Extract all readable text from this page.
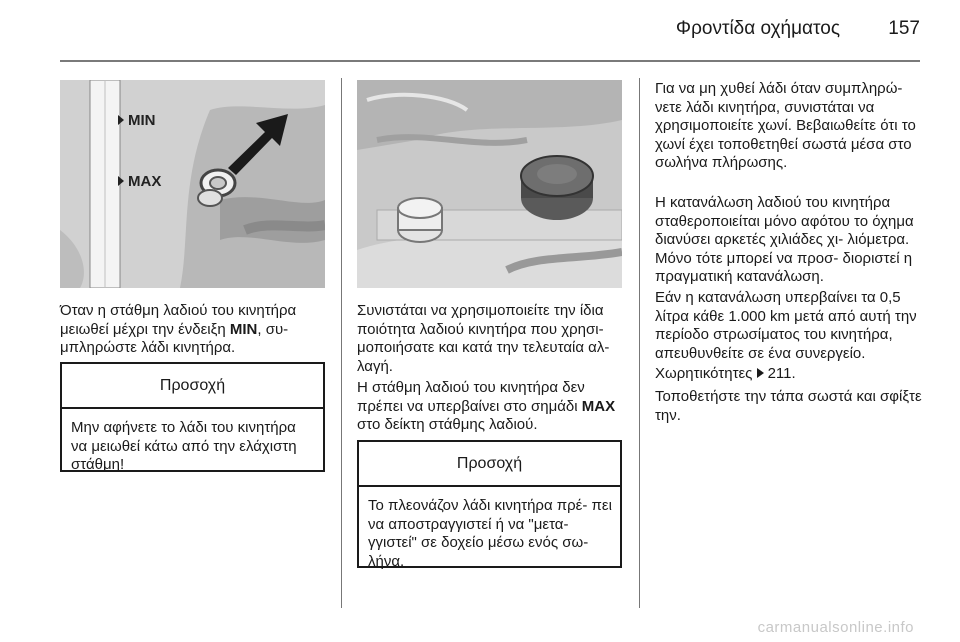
Φροντίδα οχήματος	157
MIN
MAX

Όταν η στάθμη λαδιού του κινητήρα μειωθεί μέχρι την ένδειξη MIN, συ‑ μπληρώστε λάδι κινητήρα.

Προσοχή
Μην αφήνετε το λάδι του κινητήρα να μειωθεί κάτω από την ελάχιστη στάθμη!

Συνιστάται να χρησιμοποιείτε την ίδια ποιότητα λαδιού κινητήρα που χρησι‑ μοποιήσατε και κατά την τελευταία αλ‑ λαγή.

Η στάθμη λαδιού του κινητήρα δεν πρέπει να υπερβαίνει στο σημάδι MAX στο δείκτη στάθμης λαδιού.

Προσοχή
Το πλεονάζον λάδι κινητήρα πρέ‑ πει να αποστραγγιστεί ή να "μετα‑ γγιστεί" σε δοχείο μέσω ενός σω‑ λήνα.

Για να μη χυθεί λάδι όταν συμπληρώ‑ νετε λάδι κινητήρα, συνιστάται να χρησιμοποιείτε χωνί. Βεβαιωθείτε ότι το χωνί έχει τοποθετηθεί σωστά μέσα στο σωλήνα πλήρωσης.

Η κατανάλωση λαδιού του κινητήρα σταθεροποιείται μόνο αφότου το όχημα διανύσει αρκετές χιλιάδες χι‑ λιόμετρα. Μόνο τότε μπορεί να προσ‑ διοριστεί η πραγματική κατανάλωση.

Εάν η κατανάλωση υπερβαίνει τα 0,5 λίτρα κάθε 1.000 km μετά από αυτή την περίοδο στρωσίματος του κινητήρα, απευθυνθείτε σε ένα συνεργείο.

Χωρητικότητες 211.

Τοποθετήστε την τάπα σωστά και σφίξτε την.

carmanualsonline.info
